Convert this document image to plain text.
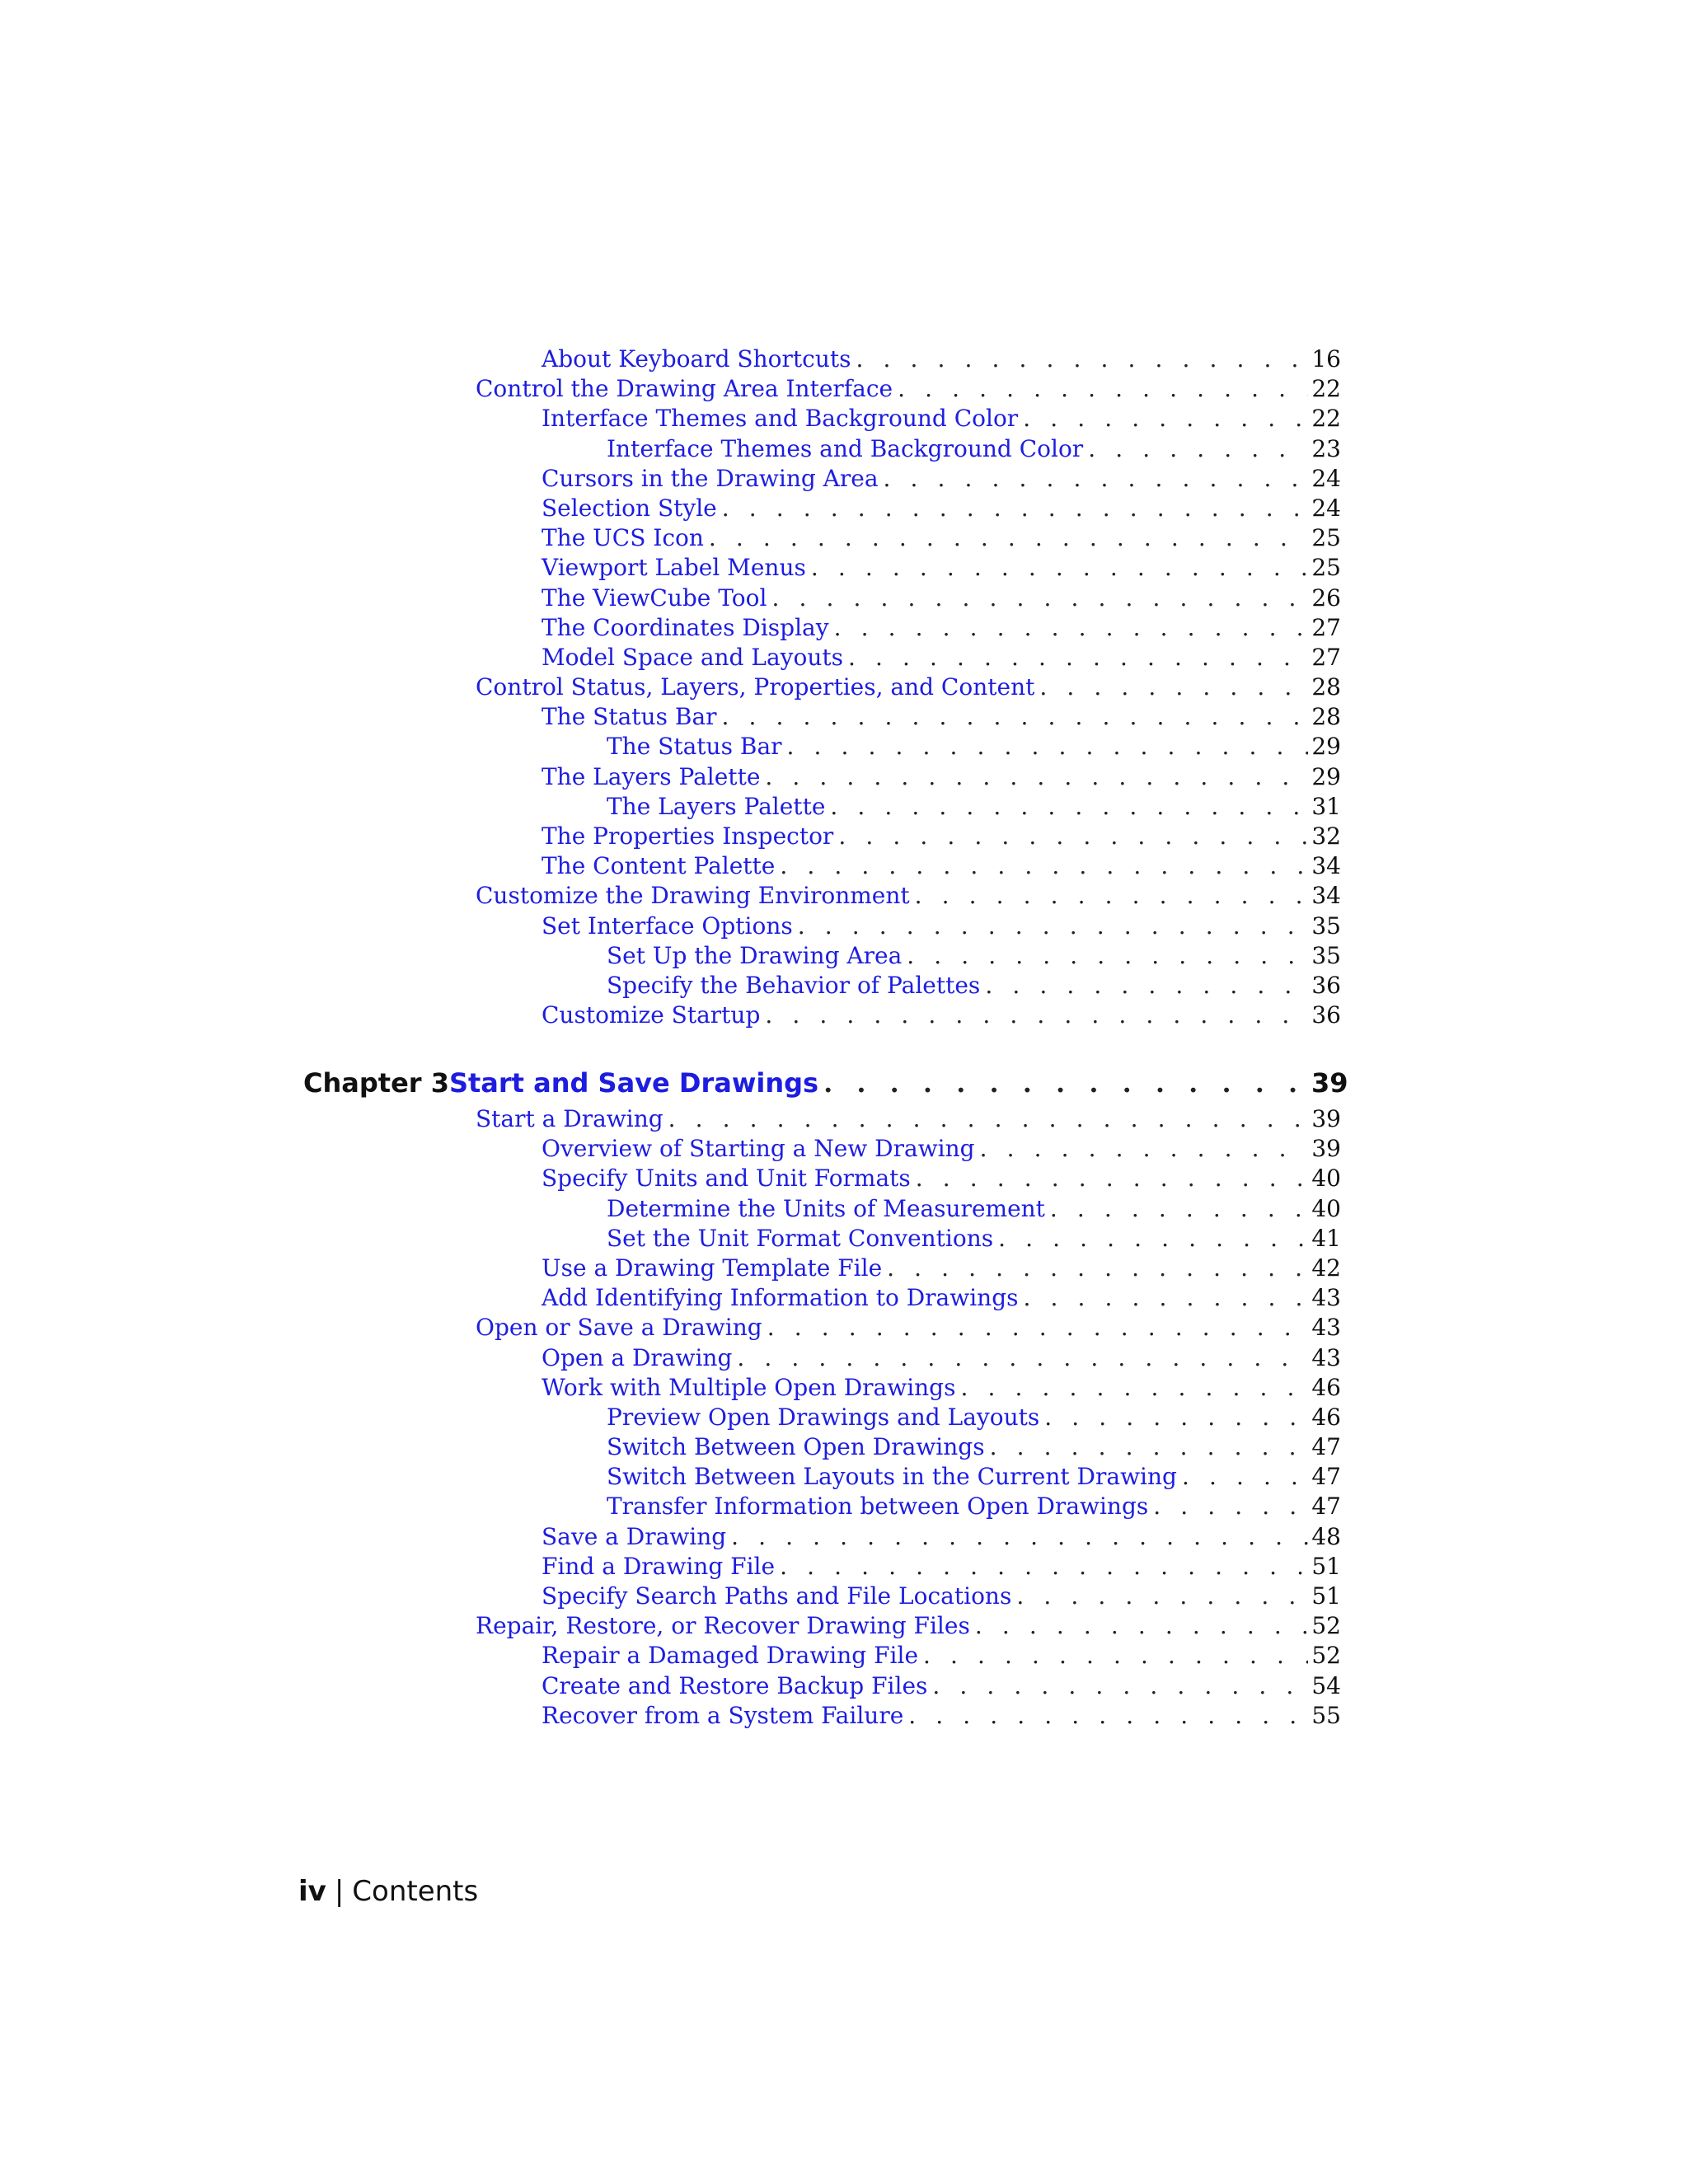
About Keyboard Shortcuts . . .	16
Control the Drawing Area Interface . . .	22
Interface Themes and Background Color . . .	22
Interface Themes and Background Color . . .	23
Cursors in the Drawing Area . . .	24
Selection Style . . .	24
The UCS Icon . . .	25
Viewport Label Menus . . .	25
The ViewCube Tool . . .	26
The Coordinates Display . . .	27
Model Space and Layouts . . .	27
Control Status, Layers, Properties, and Content . . .	28
The Status Bar . . .	28
The Status Bar . . .	29
The Layers Palette . . .	29
The Layers Palette . . .	31
The Properties Inspector . . .	32
The Content Palette . . .	34
Customize the Drawing Environment . . .	34
Set Interface Options . . .	35
Set Up the Drawing Area . . .	35
Specify the Behavior of Palettes . . .	36
Customize Startup . . .	36
Chapter 3 Start and Save Drawings . . .	39
Start a Drawing . . .	39
Overview of Starting a New Drawing . . .	39
Specify Units and Unit Formats . . .	40
Determine the Units of Measurement . . .	40
Set the Unit Format Conventions . . .	41
Use a Drawing Template File . . .	42
Add Identifying Information to Drawings . . .	43
Open or Save a Drawing . . .	43
Open a Drawing . . .	43
Work with Multiple Open Drawings . . .	46
Preview Open Drawings and Layouts . . .	46
Switch Between Open Drawings . . .	47
Switch Between Layouts in the Current Drawing . . .	47
Transfer Information between Open Drawings . . .	47
Save a Drawing . . .	48
Find a Drawing File . . .	51
Specify Search Paths and File Locations . . .	51
Repair, Restore, or Recover Drawing Files . . .	52
Repair a Damaged Drawing File . . .	52
Create and Restore Backup Files . . .	54
Recover from a System Failure . . .	55
iv | Contents
